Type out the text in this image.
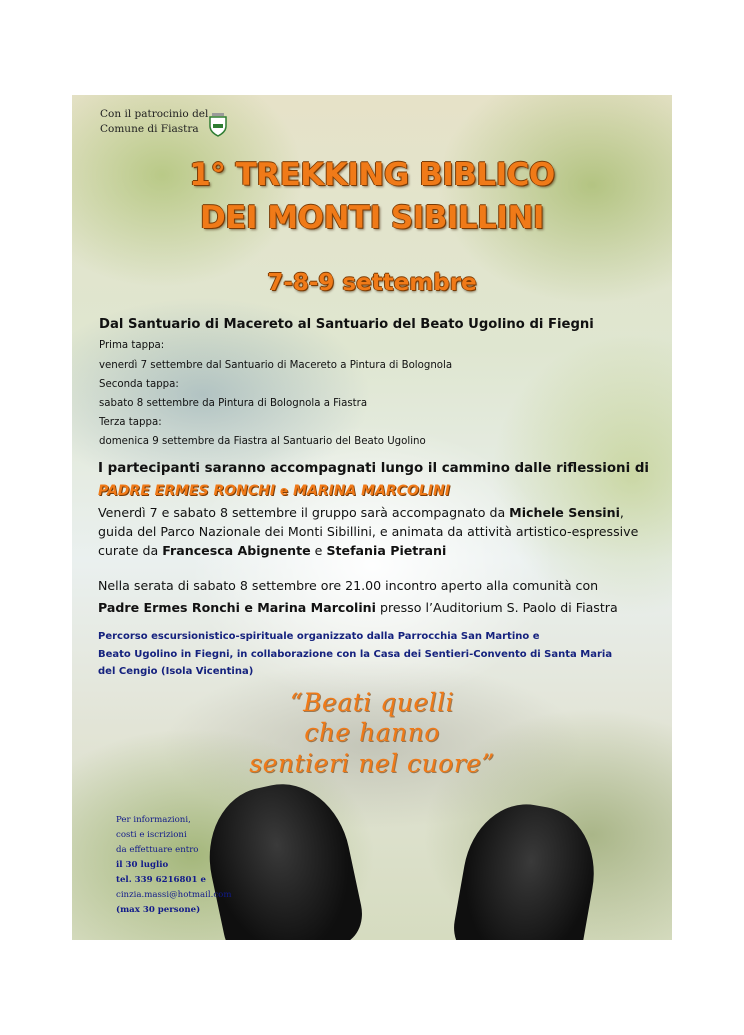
Con il patrocinio del
Comune di Fiastra
1° TREKKING BIBLICO
DEI MONTI SIBILLINI
7-8-9 settembre
Dal Santuario di Macereto al Santuario del Beato Ugolino di Fiegni
Prima tappa:
venerdì 7 settembre dal Santuario di Macereto a Pintura di Bolognola
Seconda tappa:
sabato 8 settembre da Pintura di Bolognola a Fiastra
Terza tappa:
domenica 9 settembre da Fiastra al Santuario del Beato Ugolino
I partecipanti saranno accompagnati lungo il cammino dalle riflessioni di
PADRE ERMES RONCHI e MARINA MARCOLINI
Venerdì 7 e sabato 8 settembre il gruppo sarà accompagnato da Michele Sensini,
guida del Parco Nazionale dei Monti Sibillini, e animata da attività artistico-espressive
curate da Francesca Abignente e Stefania Pietrani
Nella serata di sabato 8 settembre ore 21.00 incontro aperto alla comunità con
Padre Ermes Ronchi e Marina Marcolini presso l’Auditorium S. Paolo di Fiastra
Percorso escursionistico-spirituale organizzato dalla Parrocchia San Martino e
Beato Ugolino in Fiegni, in collaborazione con la Casa dei Sentieri-Convento di Santa Maria
del Cengio (Isola Vicentina)
“Beati quelli
che hanno
sentieri nel cuore”
Per informazioni,
costi e iscrizioni
da effettuare entro
il 30 luglio
tel. 339 6216801 e
cinzia.massi@hotmail.com
(max 30 persone)
